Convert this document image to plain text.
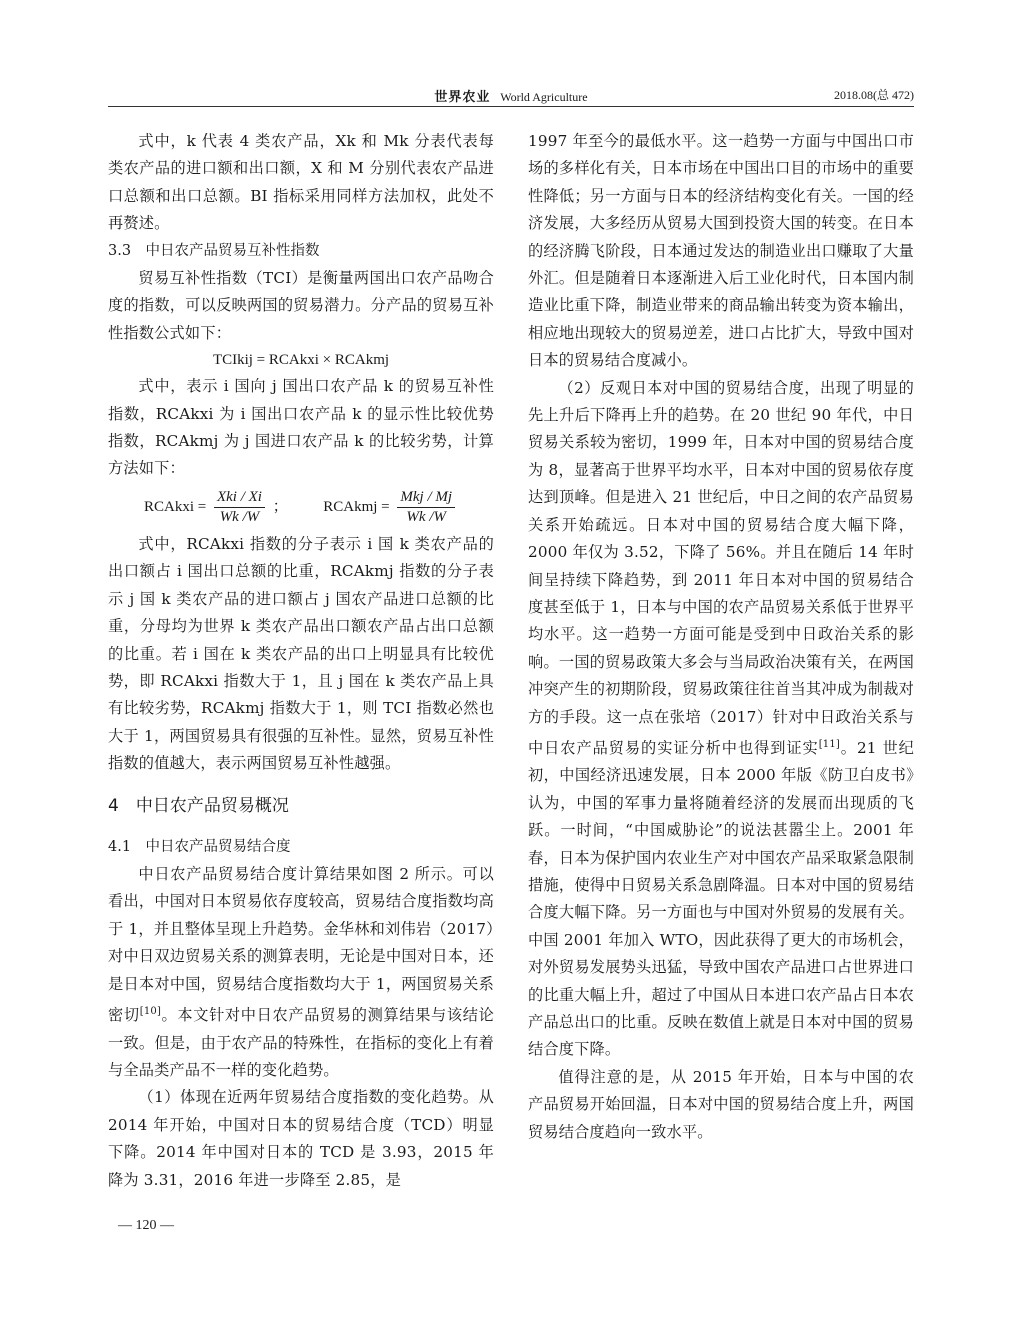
世界农业 World Agriculture	2018.08(总 472)

式中，k 代表 4 类农产品，Xk 和 Mk 分表代表每类农产品的进口额和出口额，X 和 M 分别代表农产品进口总额和出口总额。BI 指标采用同样方法加权，此处不再赘述。

3.3　中日农产品贸易互补性指数

贸易互补性指数（TCI）是衡量两国出口农产品吻合度的指数，可以反映两国的贸易潜力。分产品的贸易互补性指数公式如下：

TCIkij = RCAkxi × RCAkmj

式中，表示 i 国向 j 国出口农产品 k 的贸易互补性指数，RCAkxi 为 i 国出口农产品 k 的显示性比较优势指数，RCAkmj 为 j 国进口农产品 k 的比较劣势，计算方法如下：

RCAkxi = $\frac{\text{Xki / Xi}}{Wk /W}$ ； RCAkmj = $\frac{\text{Mkj / Mj}}{Wk /W}$

式中，RCAkxi 指数的分子表示 i 国 k 类农产品的出口额占 i 国出口总额的比重，RCAkmj 指数的分子表示 j 国 k 类农产品的进口额占 j 国农产品进口总额的比重，分母均为世界 k 类农产品出口额农产品占出口总额的比重。若 i 国在 k 类农产品的出口上明显具有比较优势，即 RCAkxi 指数大于 1，且 j 国在 k 类农产品上具有比较劣势，RCAkmj 指数大于 1，则 TCI 指数必然也大于 1，两国贸易具有很强的互补性。显然，贸易互补性指数的值越大，表示两国贸易互补性越强。

4　中日农产品贸易概况
4.1　中日农产品贸易结合度

中日农产品贸易结合度计算结果如图 2 所示。可以看出，中国对日本贸易依存度较高，贸易结合度指数均高于 1，并且整体呈现上升趋势。金华林和刘伟岩（2017）对中日双边贸易关系的测算表明，无论是中国对日本，还是日本对中国，贸易结合度指数均大于 1，两国贸易关系密切[10]。本文针对中日农产品贸易的测算结果与该结论一致。但是，由于农产品的特殊性，在指标的变化上有着与全品类产品不一样的变化趋势。

（1）体现在近两年贸易结合度指数的变化趋势。从 2014 年开始，中国对日本的贸易结合度（TCD）明显下降。2014 年中国对日本的 TCD 是 3.93，2015 年降为 3.31，2016 年进一步降至 2.85，是

1997 年至今的最低水平。这一趋势一方面与中国出口市场的多样化有关，日本市场在中国出口目的市场中的重要性降低；另一方面与日本的经济结构变化有关。一国的经济发展，大多经历从贸易大国到投资大国的转变。在日本的经济腾飞阶段，日本通过发达的制造业出口赚取了大量外汇。但是随着日本逐渐进入后工业化时代，日本国内制造业比重下降，制造业带来的商品输出转变为资本输出，相应地出现较大的贸易逆差，进口占比扩大，导致中国对日本的贸易结合度减小。

（2）反观日本对中国的贸易结合度，出现了明显的先上升后下降再上升的趋势。在 20 世纪 90 年代，中日贸易关系较为密切，1999 年，日本对中国的贸易结合度为 8，显著高于世界平均水平，日本对中国的贸易依存度达到顶峰。但是进入 21 世纪后，中日之间的农产品贸易关系开始疏远。日本对中国的贸易结合度大幅下降，2000 年仅为 3.52，下降了 56%。并且在随后 14 年时间呈持续下降趋势，到 2011 年日本对中国的贸易结合度甚至低于 1，日本与中国的农产品贸易关系低于世界平均水平。这一趋势一方面可能是受到中日政治关系的影响。一国的贸易政策大多会与当局政治决策有关，在两国冲突产生的初期阶段，贸易政策往往首当其冲成为制裁对方的手段。这一点在张培（2017）针对中日政治关系与中日农产品贸易的实证分析中也得到证实[11]。21 世纪初，中国经济迅速发展，日本 2000 年版《防卫白皮书》认为，中国的军事力量将随着经济的发展而出现质的飞跃。一时间，“中国威胁论”的说法甚嚣尘上。2001 年春，日本为保护国内农业生产对中国农产品采取紧急限制措施，使得中日贸易关系急剧降温。日本对中国的贸易结合度大幅下降。另一方面也与中国对外贸易的发展有关。中国 2001 年加入 WTO，因此获得了更大的市场机会，对外贸易发展势头迅猛，导致中国农产品进口占世界进口的比重大幅上升，超过了中国从日本进口农产品占日本农产品总出口的比重。反映在数值上就是日本对中国的贸易结合度下降。

值得注意的是，从 2015 年开始，日本与中国的农产品贸易开始回温，日本对中国的贸易结合度上升，两国贸易结合度趋向一致水平。

— 120 —
